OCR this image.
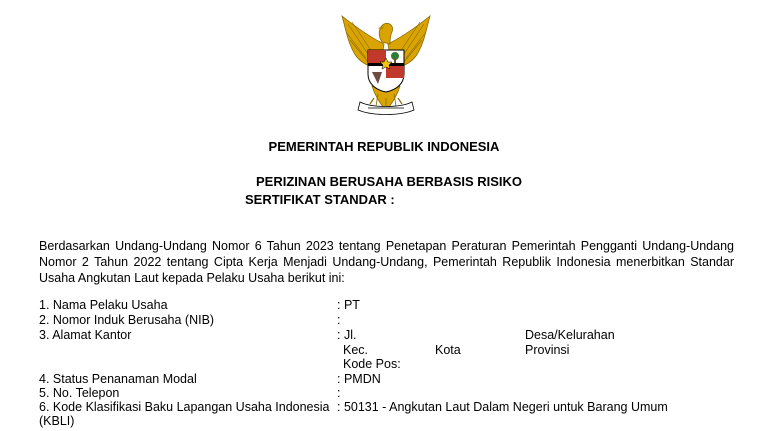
PEMERINTAH REPUBLIK INDONESIA
PERIZINAN BERUSAHA BERBASIS RISIKO
SERTIFIKAT STANDAR :
Berdasarkan Undang-Undang Nomor 6 Tahun 2023 tentang Penetapan Peraturan Pemerintah Pengganti Undang-Undang Nomor 2 Tahun 2022 tentang Cipta Kerja Menjadi Undang-Undang, Pemerintah Republik Indonesia menerbitkan Standar Usaha Angkutan Laut kepada Pelaku Usaha berikut ini:
1. Nama Pelaku Usaha	: PT
2. Nomor Induk Berusaha (NIB)	:
3. Alamat Kantor	: Jl.	Desa/Kelurahan
Kec.	Kota	Provinsi
Kode Pos:
4. Status Penanaman Modal	: PMDN
5. No. Telepon	:
6. Kode Klasifikasi Baku Lapangan Usaha Indonesia : 50131 - Angkutan Laut Dalam Negeri untuk Barang Umum
(KBLI)
